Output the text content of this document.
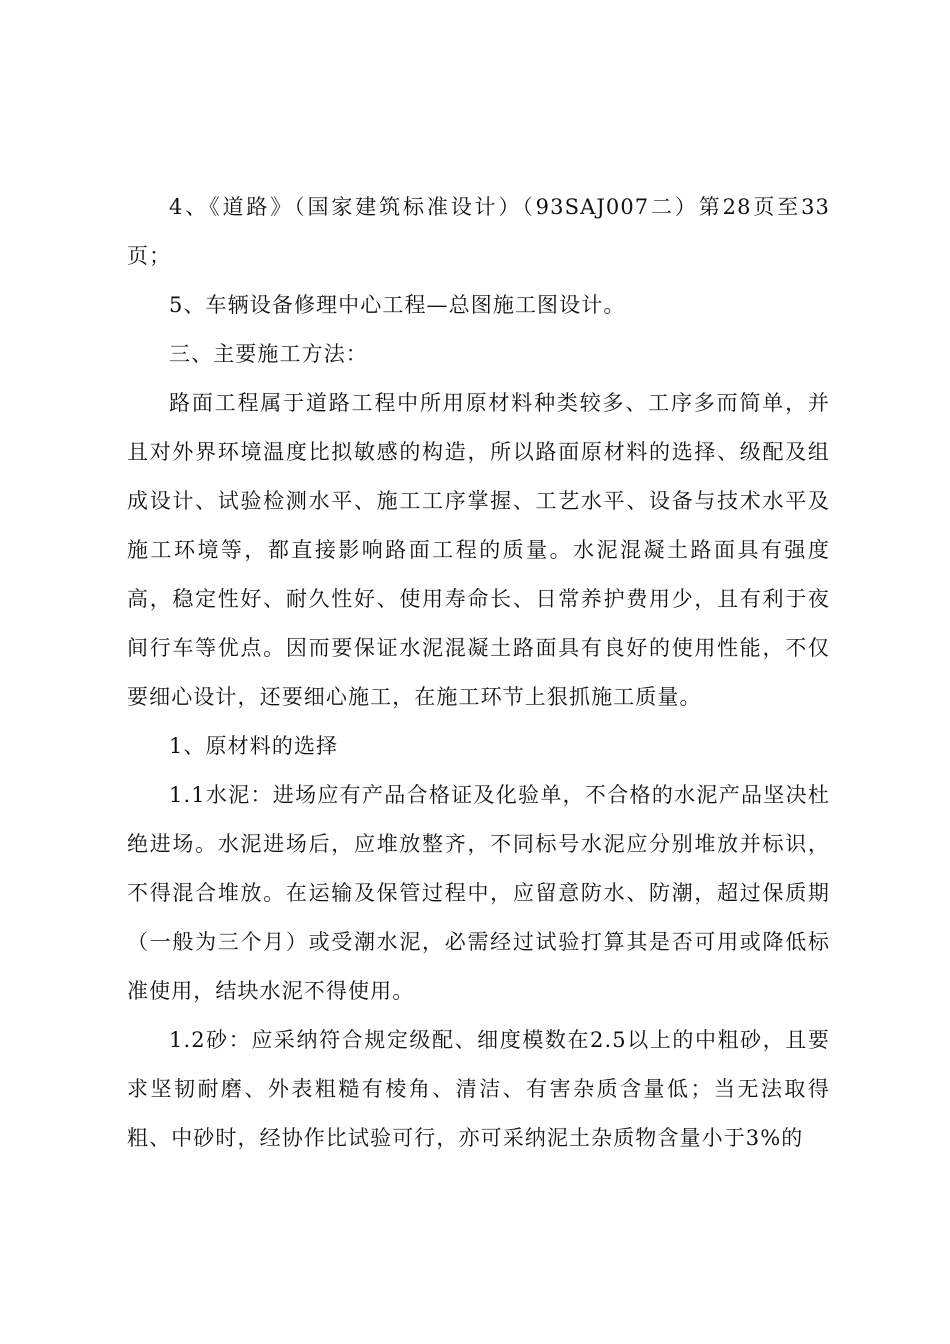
4、《道路》（国家建筑标准设计）（93SAJ007二）第28页至33页；

5、车辆设备修理中心工程—总图施工图设计。

三、主要施工方法：

路面工程属于道路工程中所用原材料种类较多、工序多而简单，并且对外界环境温度比拟敏感的构造，所以路面原材料的选择、级配及组成设计、试验检测水平、施工工序掌握、工艺水平、设备与技术水平及施工环境等，都直接影响路面工程的质量。水泥混凝土路面具有强度高，稳定性好、耐久性好、使用寿命长、日常养护费用少，且有利于夜间行车等优点。因而要保证水泥混凝土路面具有良好的使用性能，不仅要细心设计，还要细心施工，在施工环节上狠抓施工质量。

1、原材料的选择

1.1水泥：进场应有产品合格证及化验单，不合格的水泥产品坚决杜绝进场。水泥进场后，应堆放整齐，不同标号水泥应分别堆放并标识，不得混合堆放。在运输及保管过程中，应留意防水、防潮，超过保质期（一般为三个月）或受潮水泥，必需经过试验打算其是否可用或降低标准使用，结块水泥不得使用。

1.2砂：应采纳符合规定级配、细度模数在2.5以上的中粗砂，且要求坚韧耐磨、外表粗糙有棱角、清洁、有害杂质含量低；当无法取得粗、中砂时，经协作比试验可行，亦可采纳泥土杂质物含量小于3%的
